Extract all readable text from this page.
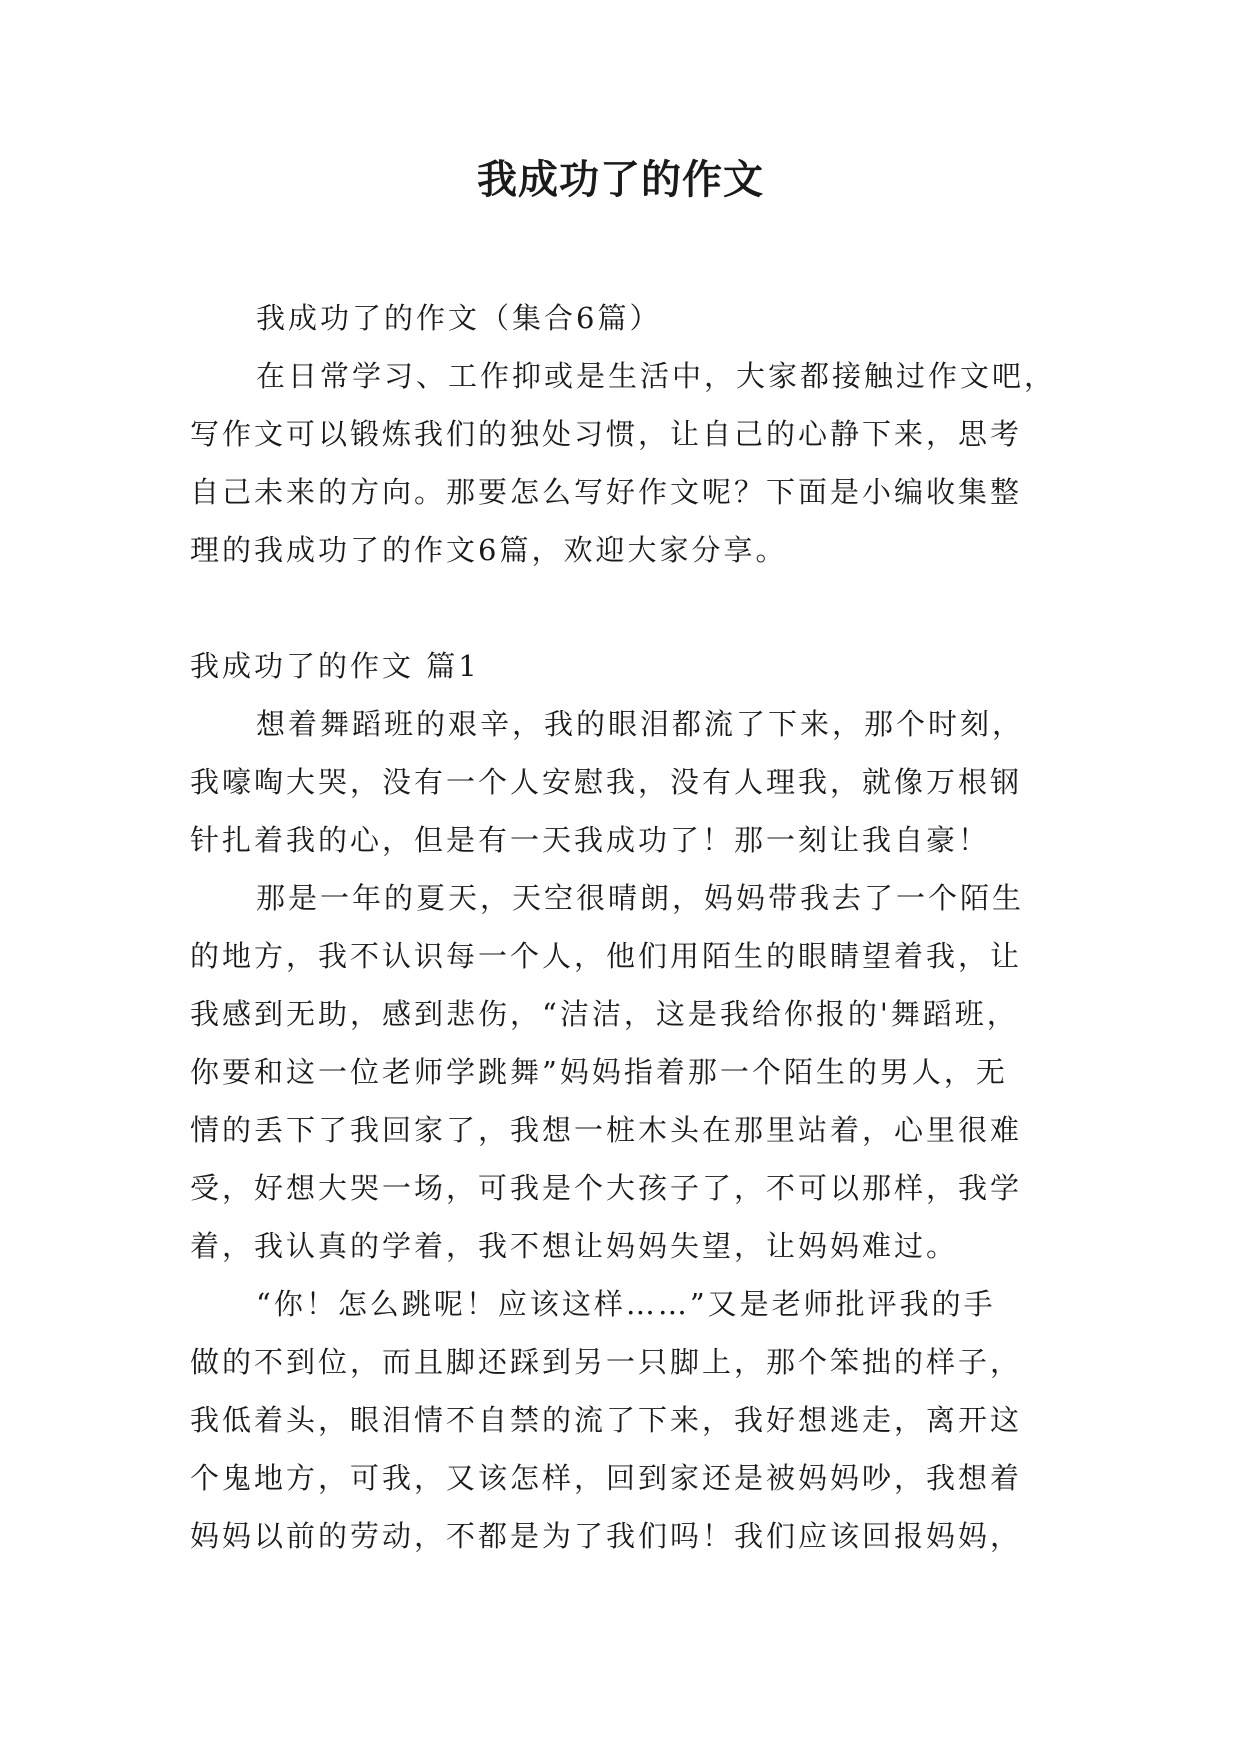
我成功了的作文

我成功了的作文（集合6篇）

在日常学习、工作抑或是生活中，大家都接触过作文吧，

写作文可以锻炼我们的独处习惯，让自己的心静下来，思考

自己未来的方向。那要怎么写好作文呢？下面是小编收集整

理的我成功了的作文6篇，欢迎大家分享。

我成功了的作文 篇1

想着舞蹈班的艰辛，我的眼泪都流了下来，那个时刻，

我嚎啕大哭，没有一个人安慰我，没有人理我，就像万根钢

针扎着我的心，但是有一天我成功了！那一刻让我自豪！

那是一年的夏天，天空很晴朗，妈妈带我去了一个陌生

的地方，我不认识每一个人，他们用陌生的眼睛望着我，让

我感到无助，感到悲伤，“洁洁，这是我给你报的'舞蹈班，

你要和这一位老师学跳舞”妈妈指着那一个陌生的男人，无

情的丢下了我回家了，我想一桩木头在那里站着，心里很难

受，好想大哭一场，可我是个大孩子了，不可以那样，我学

着，我认真的学着，我不想让妈妈失望，让妈妈难过。

“你！怎么跳呢！应该这样……”又是老师批评我的手

做的不到位，而且脚还踩到另一只脚上，那个笨拙的样子，

我低着头，眼泪情不自禁的流了下来，我好想逃走，离开这

个鬼地方，可我，又该怎样，回到家还是被妈妈吵，我想着

妈妈以前的劳动，不都是为了我们吗！我们应该回报妈妈，
